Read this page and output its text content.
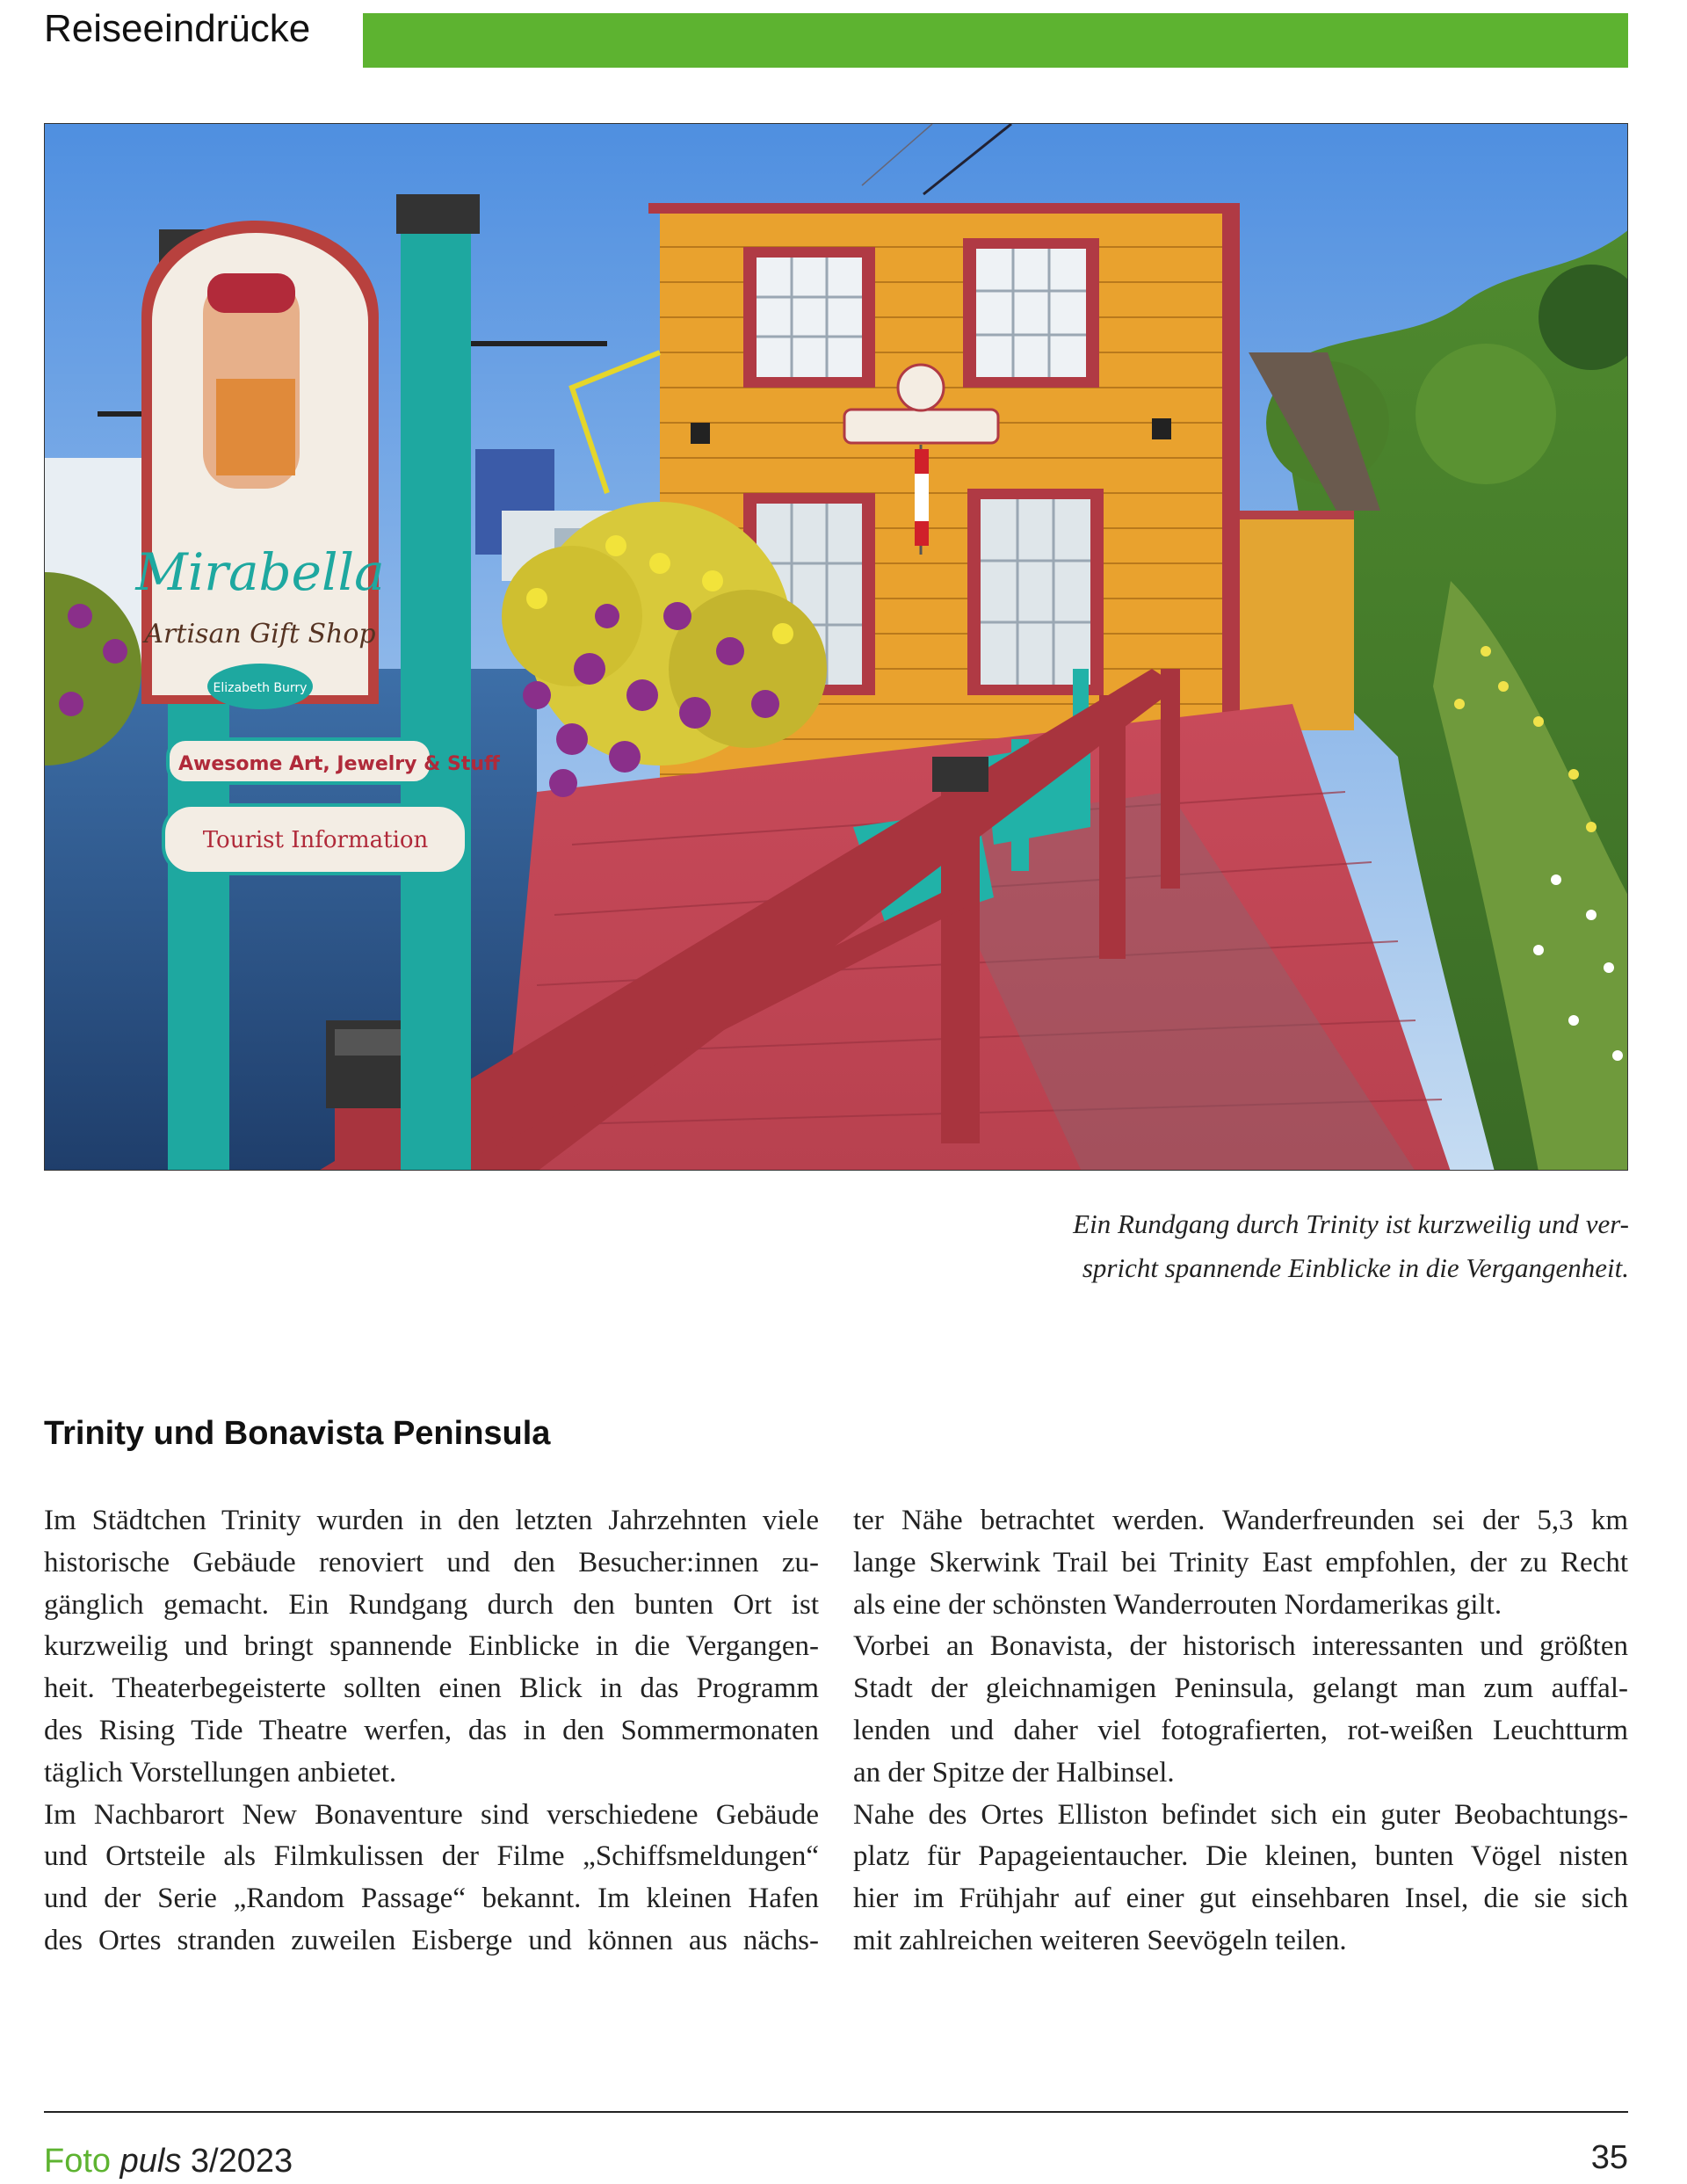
Reiseeindrücke
Mirabella
Artisan Gift Shop
Elizabeth Burry
Awesome Art, Jewelry & Stuff
Tourist Information
Ein Rundgang durch Trinity ist kurzweilig und ver-
spricht spannende Einblicke in die Vergangenheit.
Trinity und Bonavista Peninsula
Im Städtchen Trinity wurden in den letzten Jahrzehnten viele
historische Gebäude renoviert und den Besucher:innen zu-
gänglich gemacht. Ein Rundgang durch den bunten Ort ist
kurzweilig und bringt spannende Einblicke in die Vergangen-
heit. Theaterbegeisterte sollten einen Blick in das Programm
des Rising Tide Theatre werfen, das in den Sommermonaten
täglich Vorstellungen anbietet.
Im Nachbarort New Bonaventure sind verschiedene Gebäude
und Ortsteile als Filmkulissen der Filme „Schiffsmeldungen“
und der Serie „Random Passage“ bekannt. Im kleinen Hafen
des Ortes stranden zuweilen Eisberge und können aus nächs-
ter Nähe betrachtet werden. Wanderfreunden sei der 5,3 km
lange Skerwink Trail bei Trinity East empfohlen, der zu Recht
als eine der schönsten Wanderrouten Nordamerikas gilt.
Vorbei an Bonavista, der historisch interessanten und größten
Stadt der gleichnamigen Peninsula, gelangt man zum auffal-
lenden und daher viel fotografierten, rot-weißen Leuchtturm
an der Spitze der Halbinsel.
Nahe des Ortes Elliston befindet sich ein guter Beobachtungs-
platz für Papageientaucher. Die kleinen, bunten Vögel nisten
hier im Frühjahr auf einer gut einsehbaren Insel, die sie sich
mit zahlreichen weiteren Seevögeln teilen.
Foto puls 3/2023	35
